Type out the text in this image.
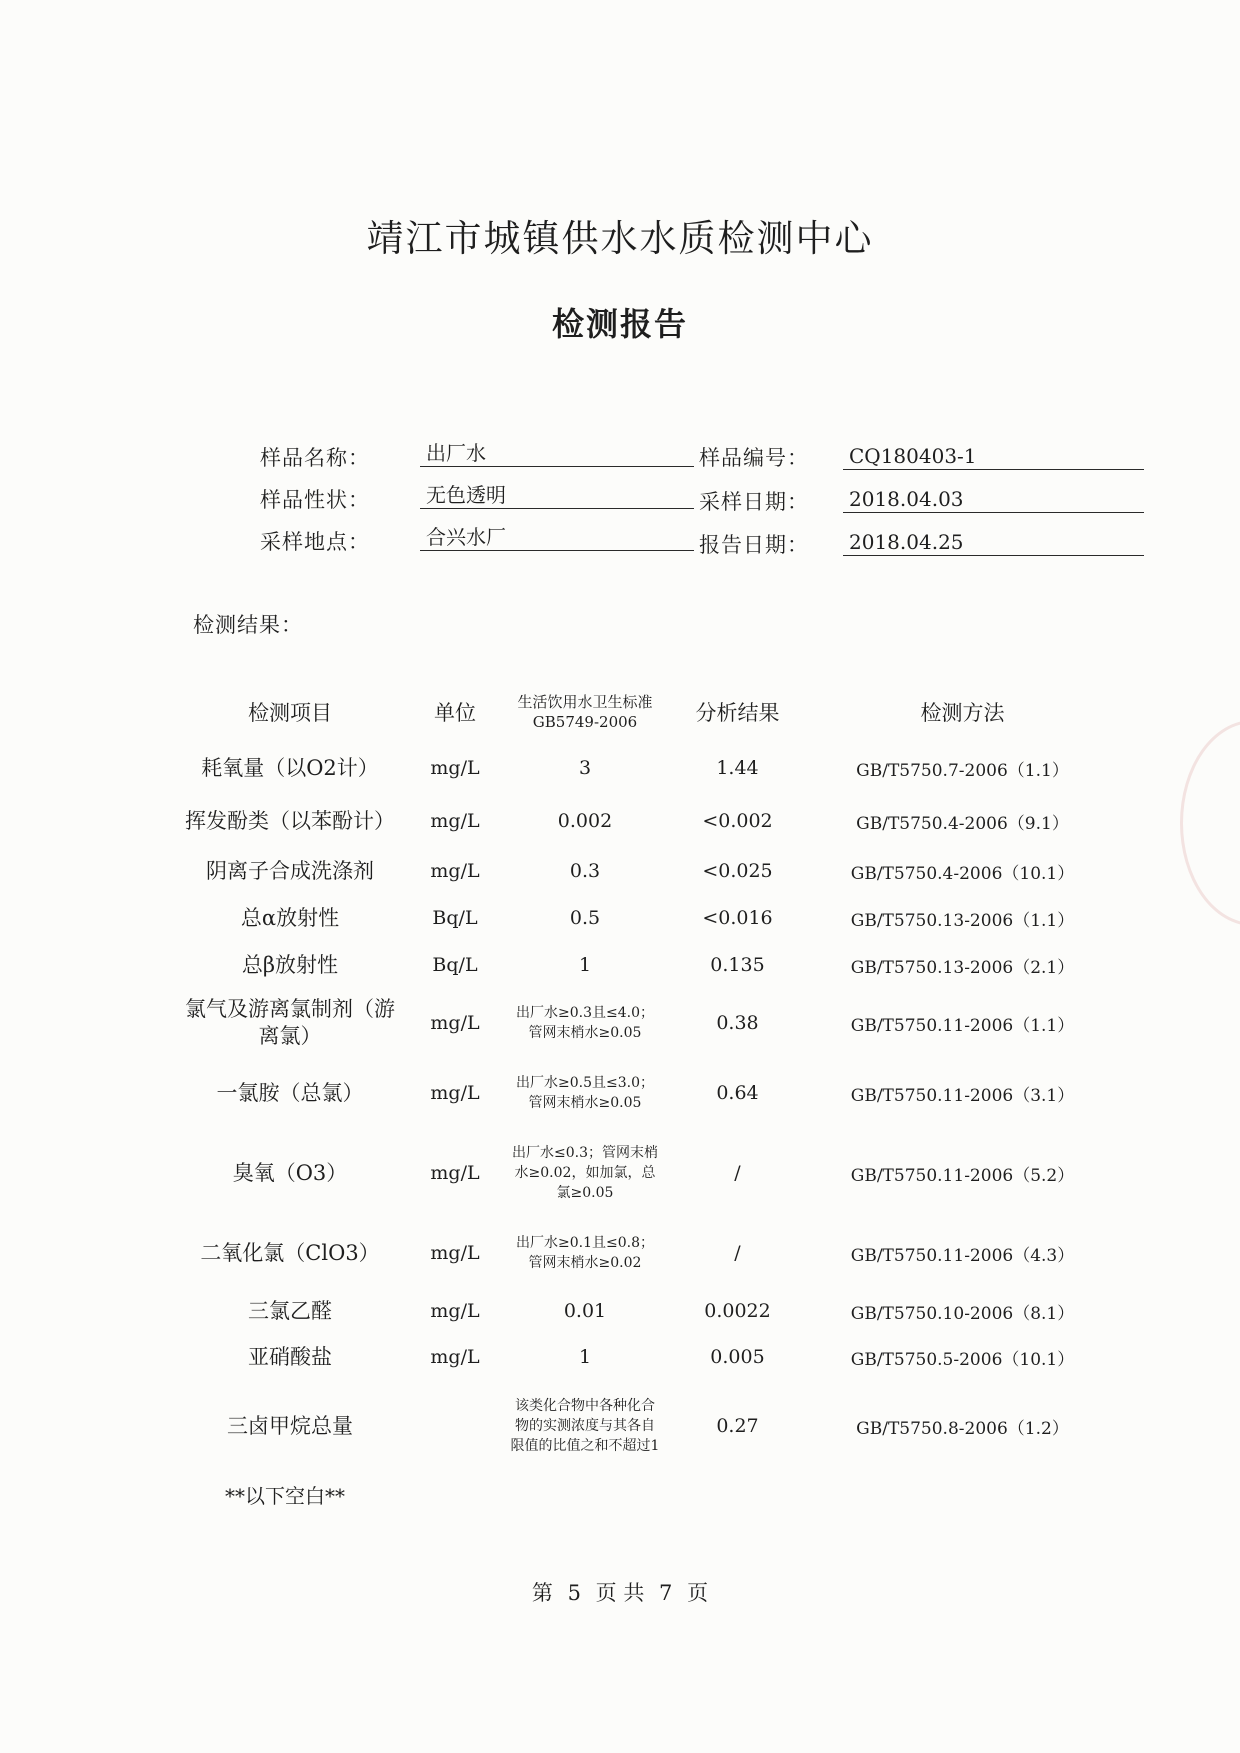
靖江市城镇供水水质检测中心
检测报告
样品名称：	出厂水	样品编号：	CQ180403-1
样品性状：	无色透明	采样日期：	2018.04.03
采样地点：	合兴水厂	报告日期：	2018.04.25
检测结果：
检测项目	单位	生活饮用水卫生标准GB5749-2006	分析结果	检测方法
耗氧量（以O2计）	mg/L	3	1.44	GB/T5750.7-2006（1.1）
挥发酚类（以苯酚计）	mg/L	0.002	<0.002	GB/T5750.4-2006（9.1）
阴离子合成洗涤剂	mg/L	0.3	<0.025	GB/T5750.4-2006（10.1）
总α放射性	Bq/L	0.5	<0.016	GB/T5750.13-2006（1.1）
总β放射性	Bq/L	1	0.135	GB/T5750.13-2006（2.1）
氯气及游离氯制剂（游离氯）	mg/L	出厂水≥0.3且≤4.0；管网末梢水≥0.05	0.38	GB/T5750.11-2006（1.1）
一氯胺（总氯）	mg/L	出厂水≥0.5且≤3.0；管网末梢水≥0.05	0.64	GB/T5750.11-2006（3.1）
臭氧（O3）	mg/L	出厂水≤0.3；管网末梢水≥0.02，如加氯，总氯≥0.05	/	GB/T5750.11-2006（5.2）
二氧化氯（ClO3）	mg/L	出厂水≥0.1且≤0.8；管网末梢水≥0.02	/	GB/T5750.11-2006（4.3）
三氯乙醛	mg/L	0.01	0.0022	GB/T5750.10-2006（8.1）
亚硝酸盐	mg/L	1	0.005	GB/T5750.5-2006（10.1）
三卤甲烷总量		该类化合物中各种化合物的实测浓度与其各自限值的比值之和不超过1	0.27	GB/T5750.8-2006（1.2）
**以下空白**
第 5 页 共 7 页
